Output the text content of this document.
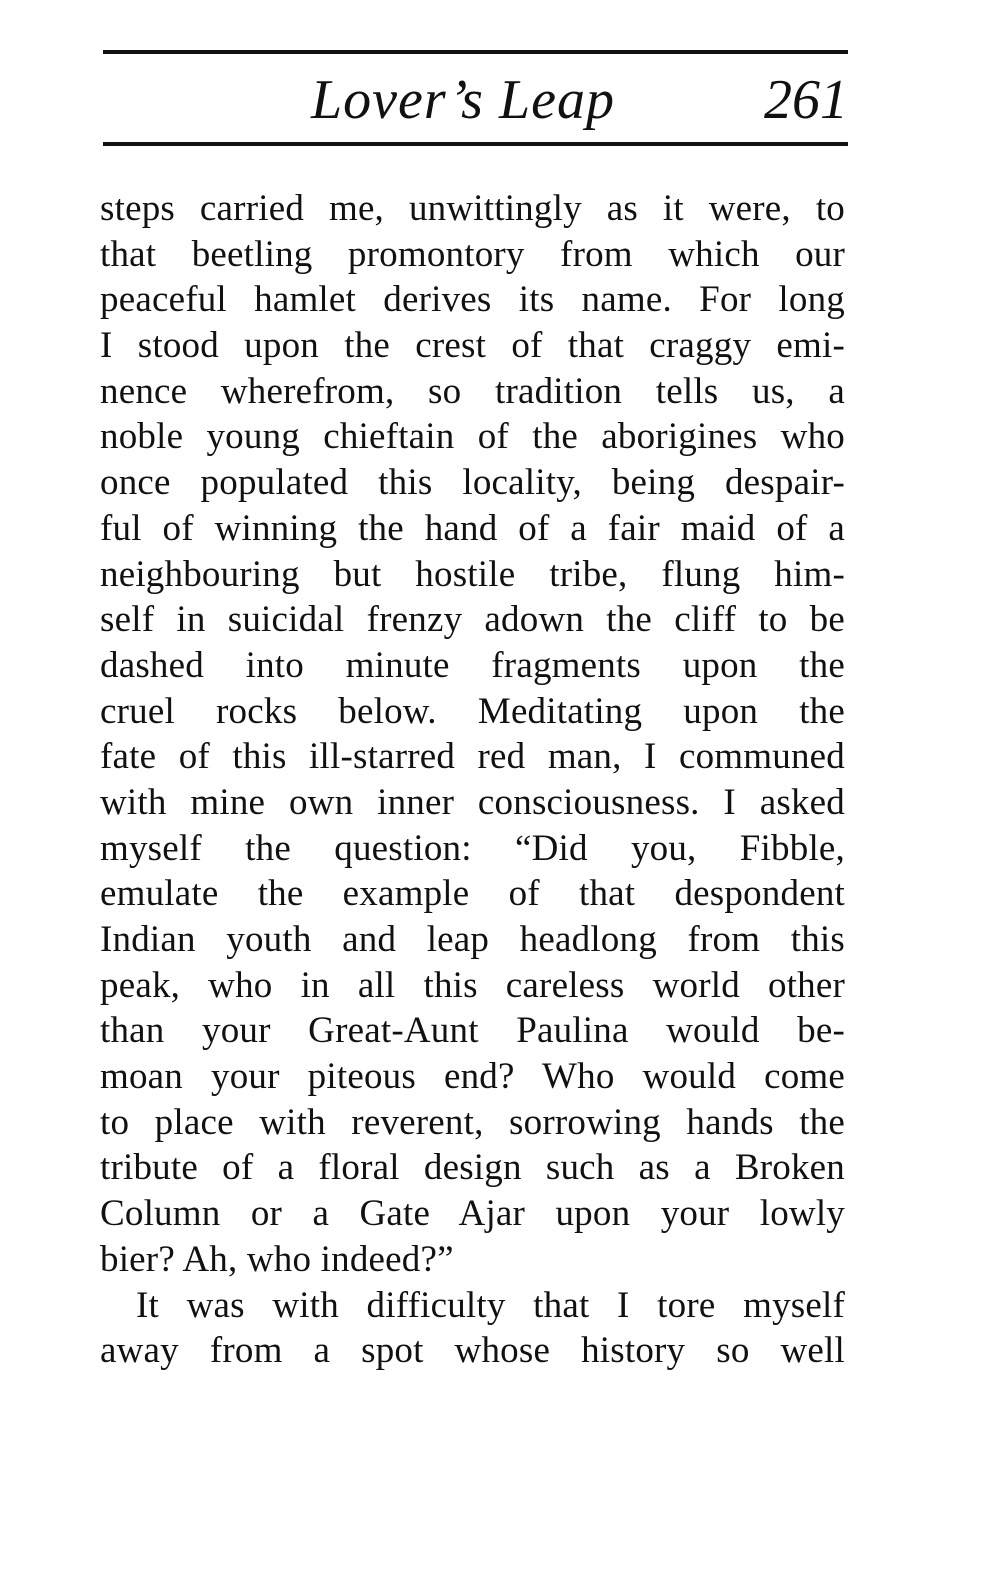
Lover’s Leap	261
steps carried me, unwittingly as it were, to
that beetling promontory from which our
peaceful hamlet derives its name. For long
I stood upon the crest of that craggy emi-
nence wherefrom, so tradition tells us, a
noble young chieftain of the aborigines who
once populated this locality, being despair-
ful of winning the hand of a fair maid of a
neighbouring but hostile tribe, flung him-
self in suicidal frenzy adown the cliff to be
dashed into minute fragments upon the
cruel rocks below. Meditating upon the
fate of this ill-starred red man, I communed
with mine own inner consciousness. I asked
myself the question: “Did you, Fibble,
emulate the example of that despondent
Indian youth and leap headlong from this
peak, who in all this careless world other
than your Great-Aunt Paulina would be-
moan your piteous end? Who would come
to place with reverent, sorrowing hands the
tribute of a floral design such as a Broken
Column or a Gate Ajar upon your lowly
bier? Ah, who indeed?”
It was with difficulty that I tore myself
away from a spot whose history so well
